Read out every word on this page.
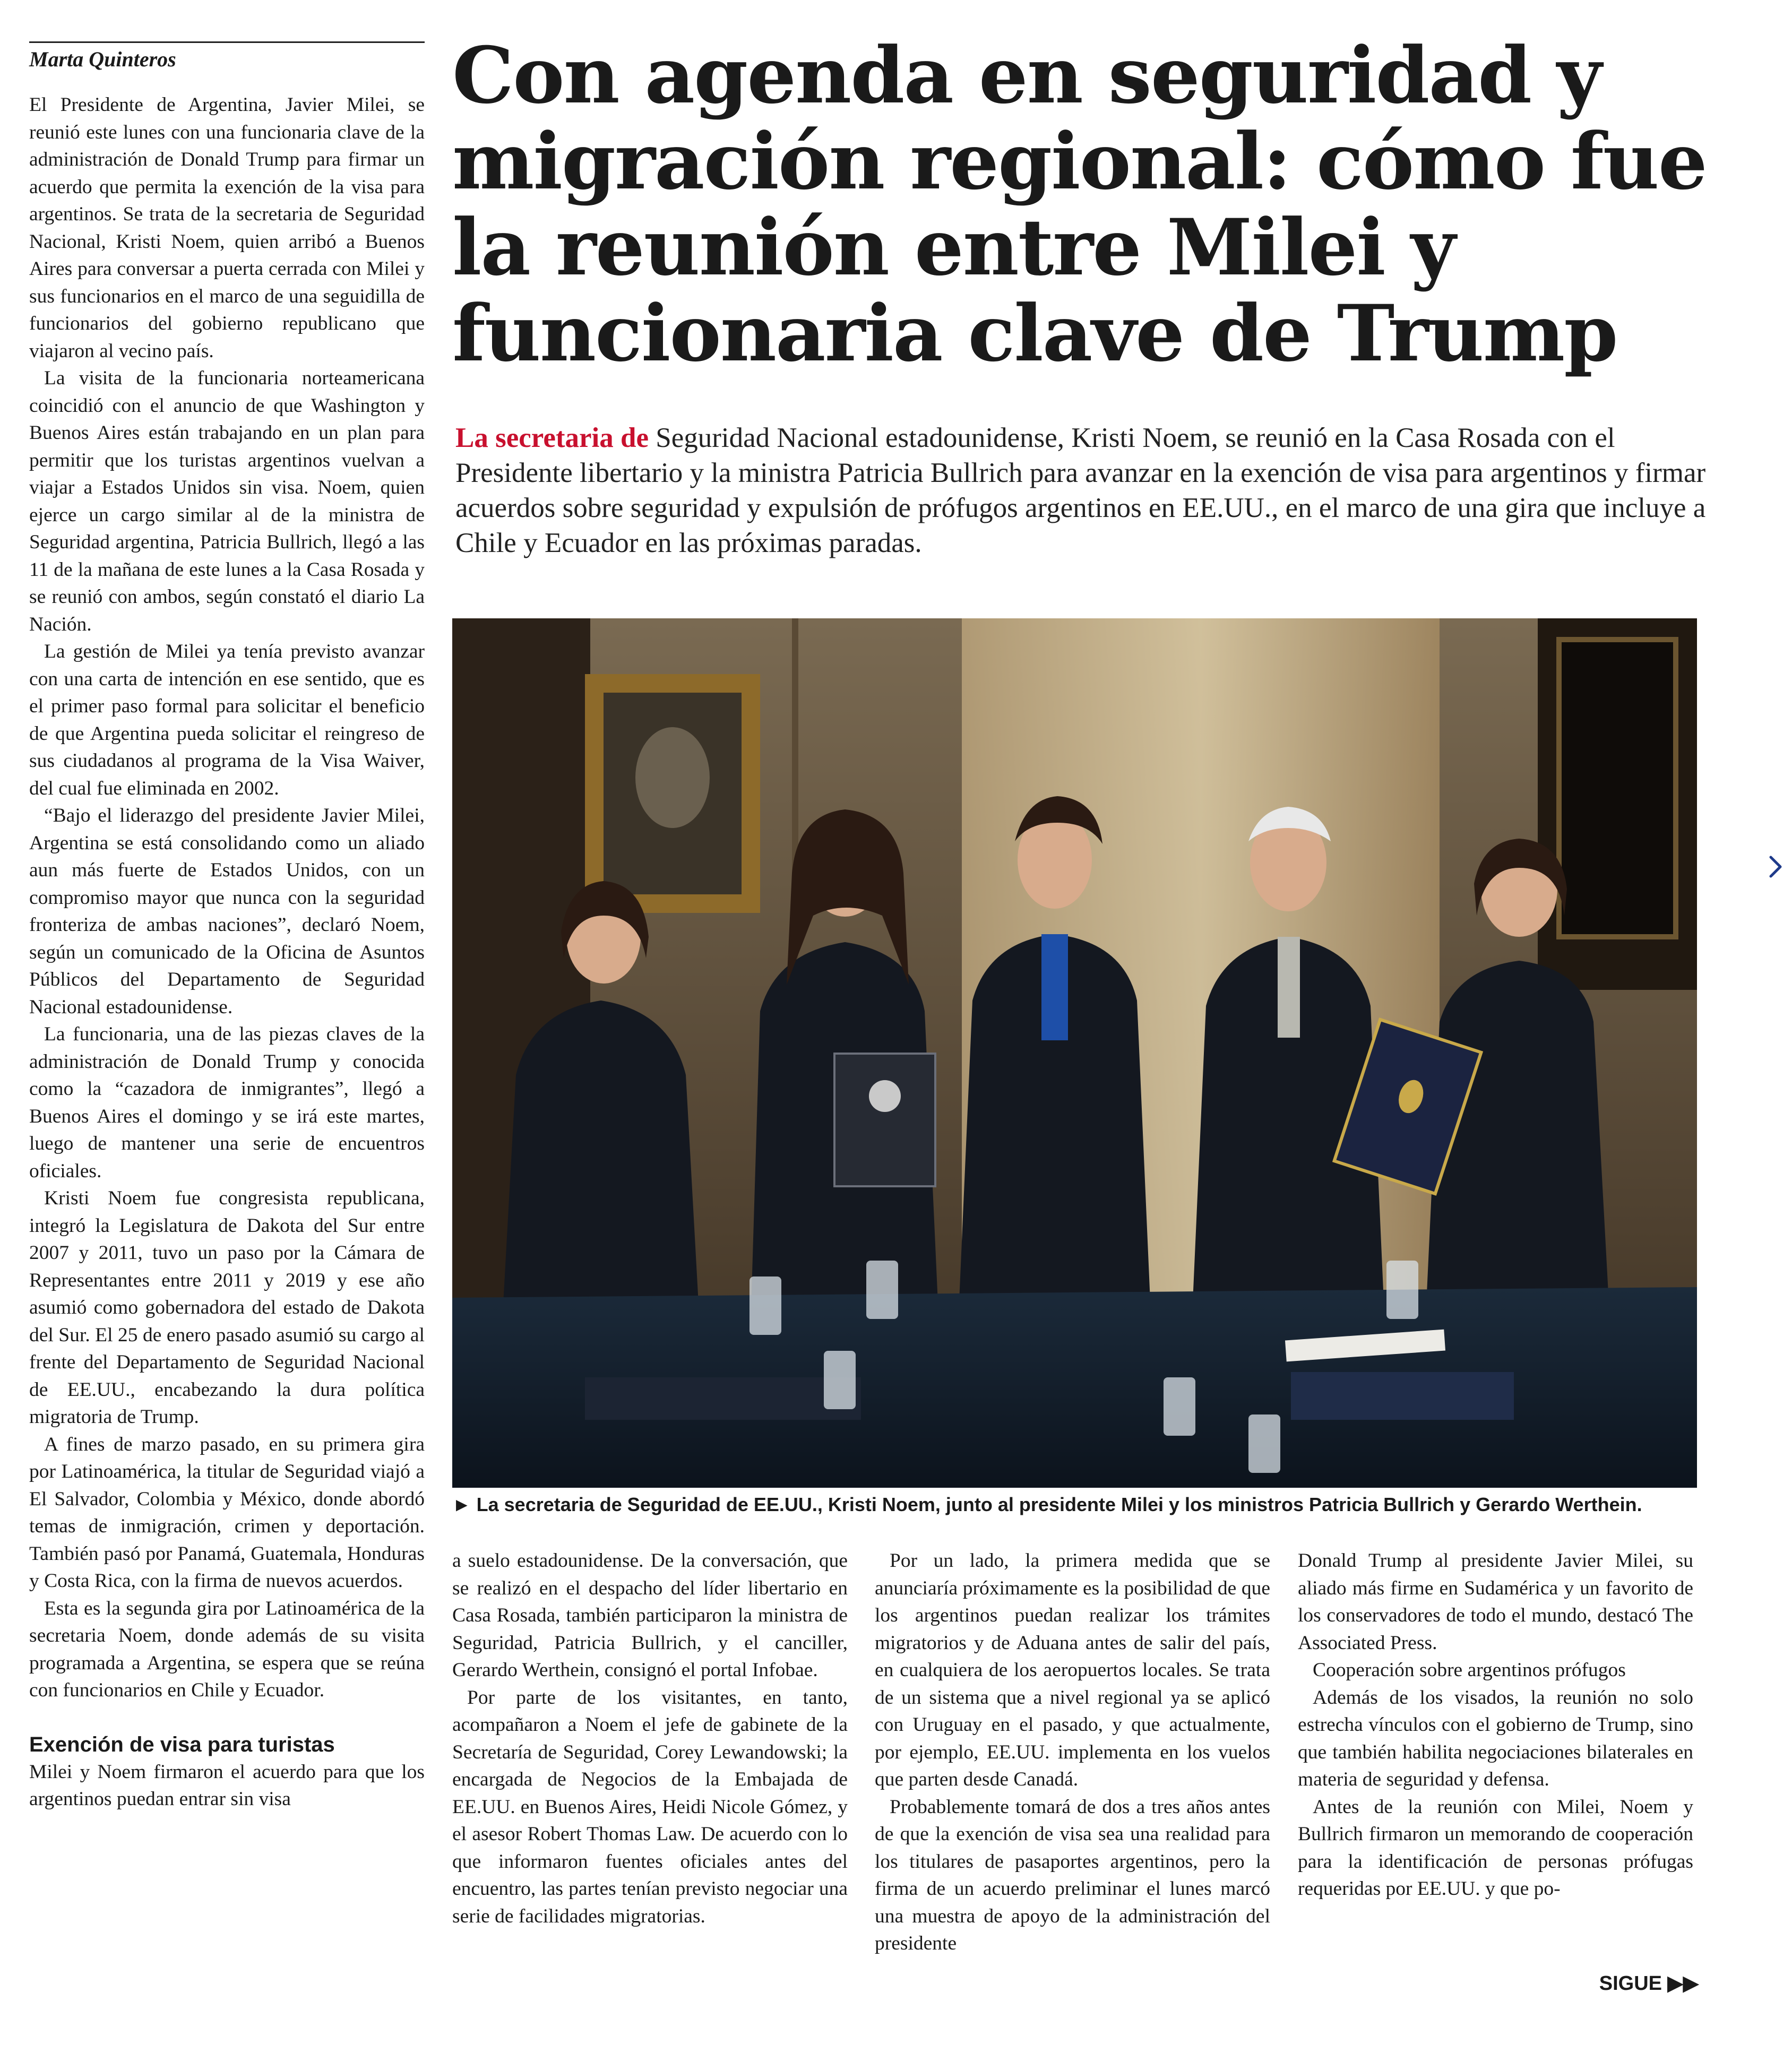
Marta Quinteros

El Presidente de Argentina, Javier Milei, se reunió este lunes con una funcionaria clave de la administración de Donald Trump para firmar un acuerdo que permita la exención de la visa para argentinos. Se trata de la secretaria de Seguridad Nacional, Kristi Noem, quien arribó a Buenos Aires para conversar a puerta cerrada con Milei y sus funcionarios en el marco de una seguidilla de funcionarios del gobierno republicano que viajaron al vecino país.

La visita de la funcionaria norteamericana coincidió con el anuncio de que Washington y Buenos Aires están trabajando en un plan para permitir que los turistas argentinos vuelvan a viajar a Estados Unidos sin visa. Noem, quien ejerce un cargo similar al de la ministra de Seguridad argentina, Patricia Bullrich, llegó a las 11 de la mañana de este lunes a la Casa Rosada y se reunió con ambos, según constató el diario La Nación.

La gestión de Milei ya tenía previsto avanzar con una carta de intención en ese sentido, que es el primer paso formal para solicitar el beneficio de que Argentina pueda solicitar el reingreso de sus ciudadanos al programa de la Visa Waiver, del cual fue eliminada en 2002.

“Bajo el liderazgo del presidente Javier Milei, Argentina se está consolidando como un aliado aun más fuerte de Estados Unidos, con un compromiso mayor que nunca con la seguridad fronteriza de ambas naciones”, declaró Noem, según un comunicado de la Oficina de Asuntos Públicos del Departamento de Seguridad Nacional estadounidense.

La funcionaria, una de las piezas claves de la administración de Donald Trump y conocida como la “cazadora de inmigrantes”, llegó a Buenos Aires el domingo y se irá este martes, luego de mantener una serie de encuentros oficiales.

Kristi Noem fue congresista republicana, integró la Legislatura de Dakota del Sur entre 2007 y 2011, tuvo un paso por la Cámara de Representantes entre 2011 y 2019 y ese año asumió como gobernadora del estado de Dakota del Sur. El 25 de enero pasado asumió su cargo al frente del Departamento de Seguridad Nacional de EE.UU., encabezando la dura política migratoria de Trump.

A fines de marzo pasado, en su primera gira por Latinoamérica, la titular de Seguridad viajó a El Salvador, Colombia y México, donde abordó temas de inmigración, crimen y deportación. También pasó por Panamá, Guatemala, Honduras y Costa Rica, con la firma de nuevos acuerdos.

Esta es la segunda gira por Latinoamérica de la secretaria Noem, donde además de su visita programada a Argentina, se espera que se reúna con funcionarios en Chile y Ecuador.

Exención de visa para turistas

Milei y Noem firmaron el acuerdo para que los argentinos puedan entrar sin visa

Con agenda en seguridad y migración regional: cómo fue la reunión entre Milei y funcionaria clave de Trump
La secretaria de Seguridad Nacional estadounidense, Kristi Noem, se reunió en la Casa Rosada con el Presidente libertario y la ministra Patricia Bullrich para avanzar en la exención de visa para argentinos y firmar acuerdos sobre seguridad y expulsión de prófugos argentinos en EE.UU., en el marco de una gira que incluye a Chile y Ecuador en las próximas paradas.
► La secretaria de Seguridad de EE.UU., Kristi Noem, junto al presidente Milei y los ministros Patricia Bullrich y Gerardo Werthein.

a suelo estadounidense. De la conversación, que se realizó en el despacho del líder libertario en Casa Rosada, también participaron la ministra de Seguridad, Patricia Bullrich, y el canciller, Gerardo Werthein, consignó el portal Infobae.

Por parte de los visitantes, en tanto, acompañaron a Noem el jefe de gabinete de la Secretaría de Seguridad, Corey Lewandowski; la encargada de Negocios de la Embajada de EE.UU. en Buenos Aires, Heidi Nicole Gómez, y el asesor Robert Thomas Law. De acuerdo con lo que informaron fuentes oficiales antes del encuentro, las partes tenían previsto negociar una serie de facilidades migratorias.

Por un lado, la primera medida que se anunciaría próximamente es la posibilidad de que los argentinos puedan realizar los trámites migratorios y de Aduana antes de salir del país, en cualquiera de los aeropuertos locales. Se trata de un sistema que a nivel regional ya se aplicó con Uruguay en el pasado, y que actualmente, por ejemplo, EE.UU. implementa en los vuelos que parten desde Canadá.

Probablemente tomará de dos a tres años antes de que la exención de visa sea una realidad para los titulares de pasaportes argentinos, pero la firma de un acuerdo preliminar el lunes marcó una muestra de apoyo de la administración del presidente

Donald Trump al presidente Javier Milei, su aliado más firme en Sudamérica y un favorito de los conservadores de todo el mundo, destacó The Associated Press.

Cooperación sobre argentinos prófugos

Además de los visados, la reunión no solo estrecha vínculos con el gobierno de Trump, sino que también habilita negociaciones bilaterales en materia de seguridad y defensa.

Antes de la reunión con Milei, Noem y Bullrich firmaron un memorando de cooperación para la identificación de personas prófugas requeridas por EE.UU. y que po-

SIGUE ▶▶
